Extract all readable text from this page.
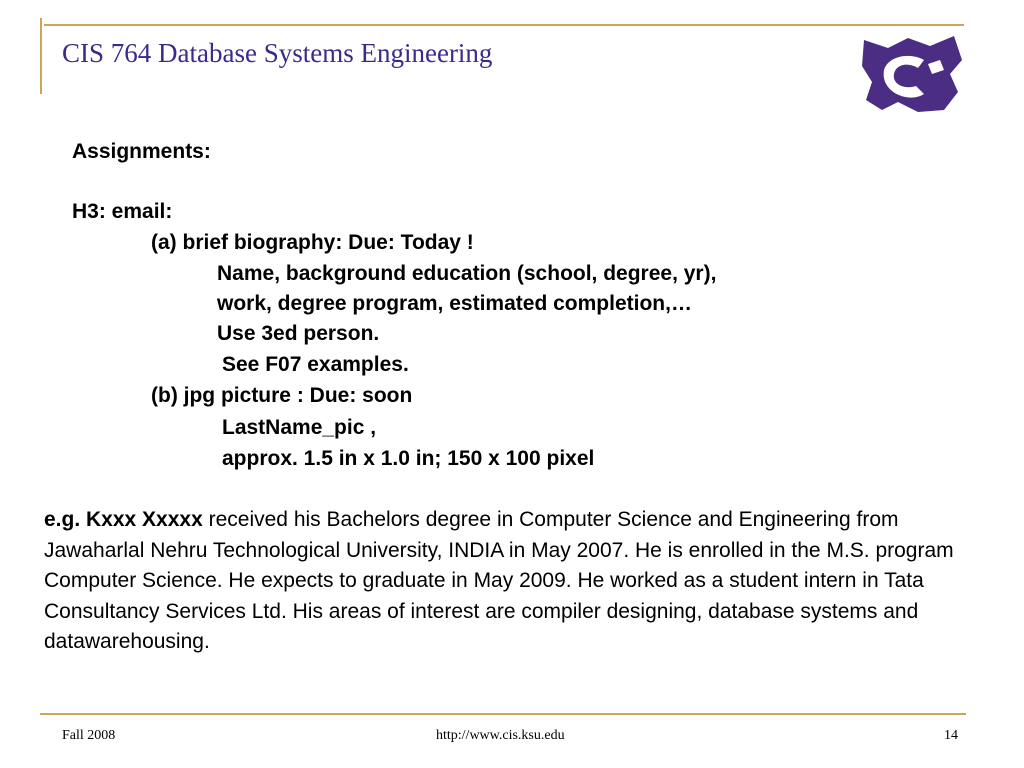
CIS 764 Database Systems Engineering
Assignments:
H3: email:
(a) brief biography: Due: Today !
Name, background education (school, degree, yr),
work, degree program, estimated completion,…
Use 3ed person.
See F07 examples.
(b) jpg picture : Due: soon
LastName_pic ,
approx. 1.5 in x 1.0 in; 150 x 100 pixel
e.g. Kxxx Xxxxx received his Bachelors degree in Computer Science and Engineering from Jawaharlal Nehru Technological University, INDIA in May 2007. He is enrolled in the M.S. program Computer Science. He expects to graduate in May 2009. He worked as a student intern in Tata Consultancy Services Ltd. His areas of interest are compiler designing, database systems and datawarehousing.
Fall 2008	http://www.cis.ksu.edu	14
